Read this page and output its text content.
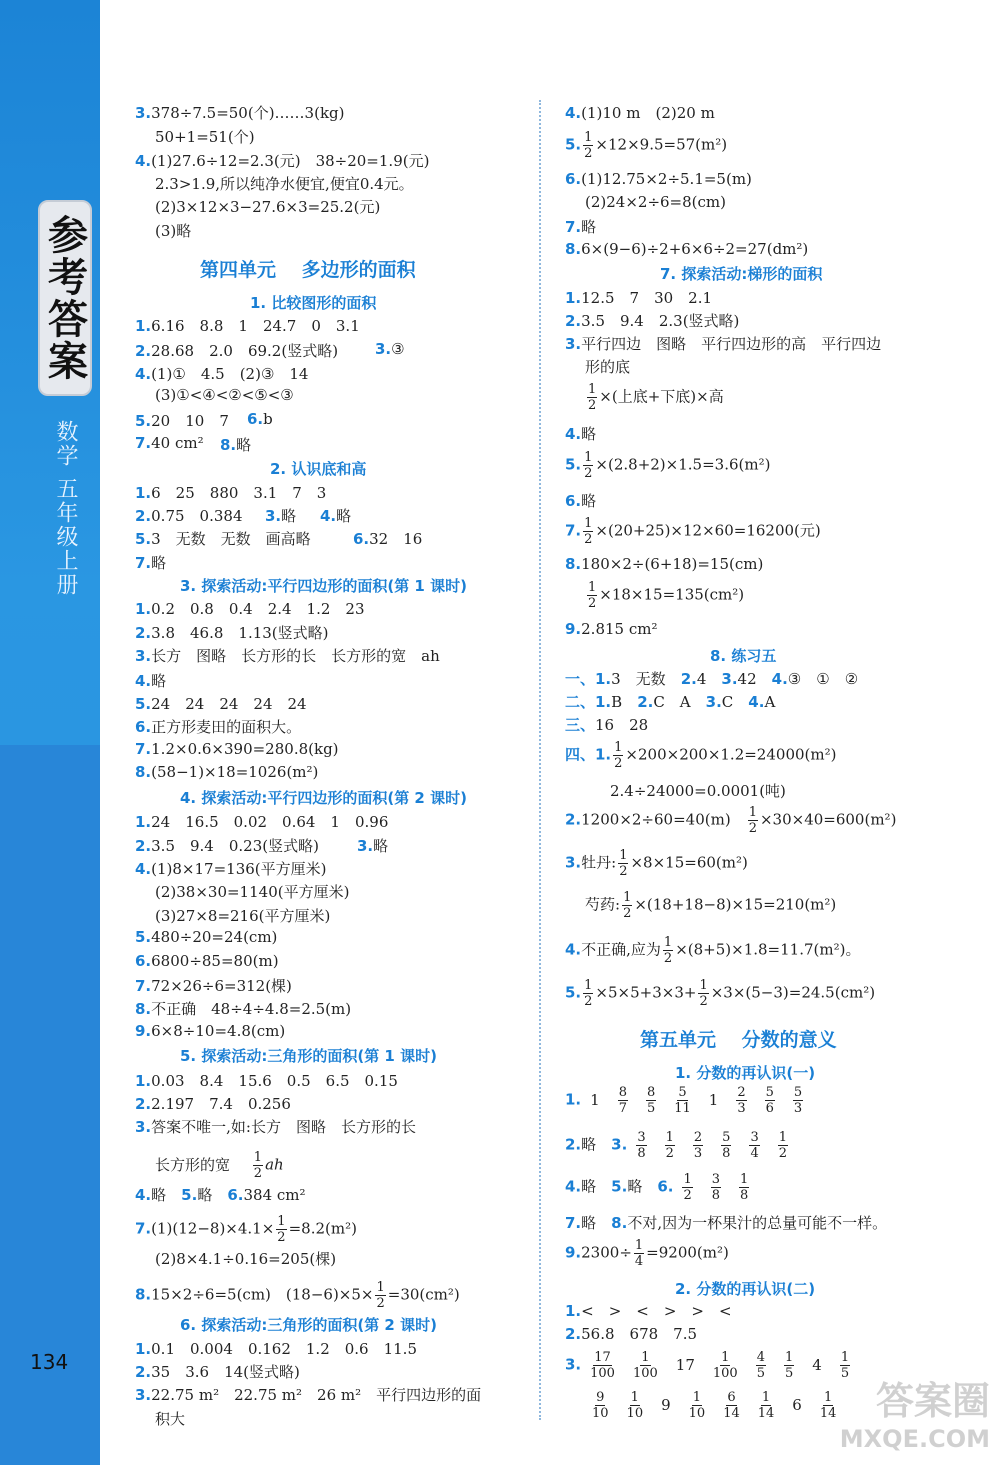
参考答案
数学 五年级上册
134
3.378÷7.5=50(个)……3(kg)
50+1=51(个)
4.(1)27.6÷12=2.3(元)　38÷20=1.9(元)
2.3>1.9,所以纯净水便宜,便宜0.4元。
(2)3×12×3−27.6×3=25.2(元)
(3)略
第四单元　 多边形的面积
1. 比较图形的面积
1.6.16　8.8　1　24.7　0　3.1
2.28.68　2.0　69.2(竖式略)
4.(1)①　4.5　(2)③　14
(3)①<④<②<⑤<③
5.20　10　7
7.40 cm²
3.③
6.b
8.略
2. 认识底和高
1.6　25　880　3.1　7　3
2.0.75　0.384
5.3　无数　无数　画高略
7.略
3.略 4.略
6.32　16
3. 探索活动:平行四边形的面积(第 1 课时)
1.0.2　0.8　0.4　2.4　1.2　23
2.3.8　46.8　1.13(竖式略)
3.长方　图略　长方形的长　长方形的宽　ah
4.略
5.24　24　24　24　24
6.正方形麦田的面积大。
7.1.2×0.6×390=280.8(kg)
8.(58−1)×18=1026(m²)
4. 探索活动:平行四边形的面积(第 2 课时)
1.24　16.5　0.02　0.64　1　0.96
2.3.5　9.4　0.23(竖式略)
4.(1)8×17=136(平方厘米)
(2)38×30=1140(平方厘米)
(3)27×8=216(平方厘米)
5.480÷20=24(cm)
6.6800÷85=80(m)
7.72×26÷6=312(棵)
8.不正确　48÷4÷4.8=2.5(m)
9.6×8÷10=4.8(cm)
3.略
5. 探索活动:三角形的面积(第 1 课时)
1.0.03　8.4　15.6　0.5　6.5　0.15
2.2.197　7.4　0.256
3.答案不唯一,如:长方　图略　长方形的长
长方形的宽 $\frac{1}{2}$ ah
4.略　 5.略　 6.384 cm²
$7.(1)(12-8)\times 4.1\times \frac{1}{2} =8.2(m^2)$
(2)8×4.1÷0.16=205(棵)
8.15×2÷6=5(cm)　$(18-6)\times 5\times \frac{1}{2} =30(cm^2)$
6. 探索活动:三角形的面积(第 2 课时)
1.0.1　0.004　0.162　1.2　0.6　11.5
2.35　3.6　14(竖式略)
3.22.75 m²　22.75 m²　26 m²　平行四边形的面
积大
4.(1)10 m　(2)20 m
5. $\frac{1}{2} \times 12\times 9.5=57(m^2)$
6.(1)12.75×2÷5.1=5(m)
(2)24×2÷6=8(cm)
7.略
8.6×(9−6)÷2+6×6÷2=27(dm²)
7. 探索活动:梯形的面积
1.12.5　7　30　2.1
2.3.5　9.4　2.3(竖式略)
3.平行四边　图略　平行四边形的高　平行四边
形的底
$\frac{1}{2}$ ×(上底+下底)×高
4.略
5. $\frac{1}{2} \times(2.8+2)\times 1.5=3.6(m^2)$
6.略
7. $\frac{1}{2} \times(20+25)\times 12\times 60=16200$(元)
8.180×2÷(6+18)=15(cm)
$\frac{1}{2} \times 18\times 15=135(cm^2)$
9.2.815 cm²
8. 练习五
一、1.3　无数　 2.4　 3.42　 4.③　①　②
二、1.B　 2.C　A　 3.C　 4.A
三、16　28
四、1. $\frac{1}{2} \times 200\times 200\times 1.2=24000(m^2)$
2.4÷24000=0.0001(吨)
2.1200×2÷60=40(m)　 $\frac{1}{2} \times 30\times 40=600(m^2)$
3.牡丹: $\frac{1}{2} \times 8\times 15=60(m^2)$
芍药: $\frac{1}{2} \times(18+18-8)\times 15=210(m^2)$
4.不正确,应为 $\frac{1}{2} \times(8+5)\times 1.8=11.7(m^2)$。
5. $\frac{1}{2} \times 5\times 5+3\times 3+ \frac{1}{2} \times 3\times(5-3)=24.5(cm^2)$
第五单元　 分数的意义
1. 分数的再认识(一)
1. $1 \frac{8}{7} \frac{8}{5} \frac{5}{11} 1 \frac{2}{3} \frac{5}{6} \frac{5}{3}$
2.略　 3. $\frac{3}{8} \frac{1}{2} \frac{2}{3} \frac{5}{8} \frac{3}{4} \frac{1}{2}$
4.略　 5.略　 6. $\frac{1}{2} \frac{3}{8} \frac{1}{8}$
7.略　 8.不对,因为一杯果汁的总量可能不一样。
$9.2300\div \frac{1}{4} =9200(m^2)$
2. 分数的再认识(二)
1.<　>　<　>　>　<
2.56.8　678　7.5
3. $\frac{17}{100} \frac{1}{100} 17 \frac{1}{100} \frac{4}{5} \frac{1}{5} 4 \frac{1}{5}$
$\frac{9}{10} \frac{1}{10} 9 \frac{1}{10} \frac{6}{14} \frac{1}{14} 6 \frac{1}{14}$	答案圈
MXQE.COM
